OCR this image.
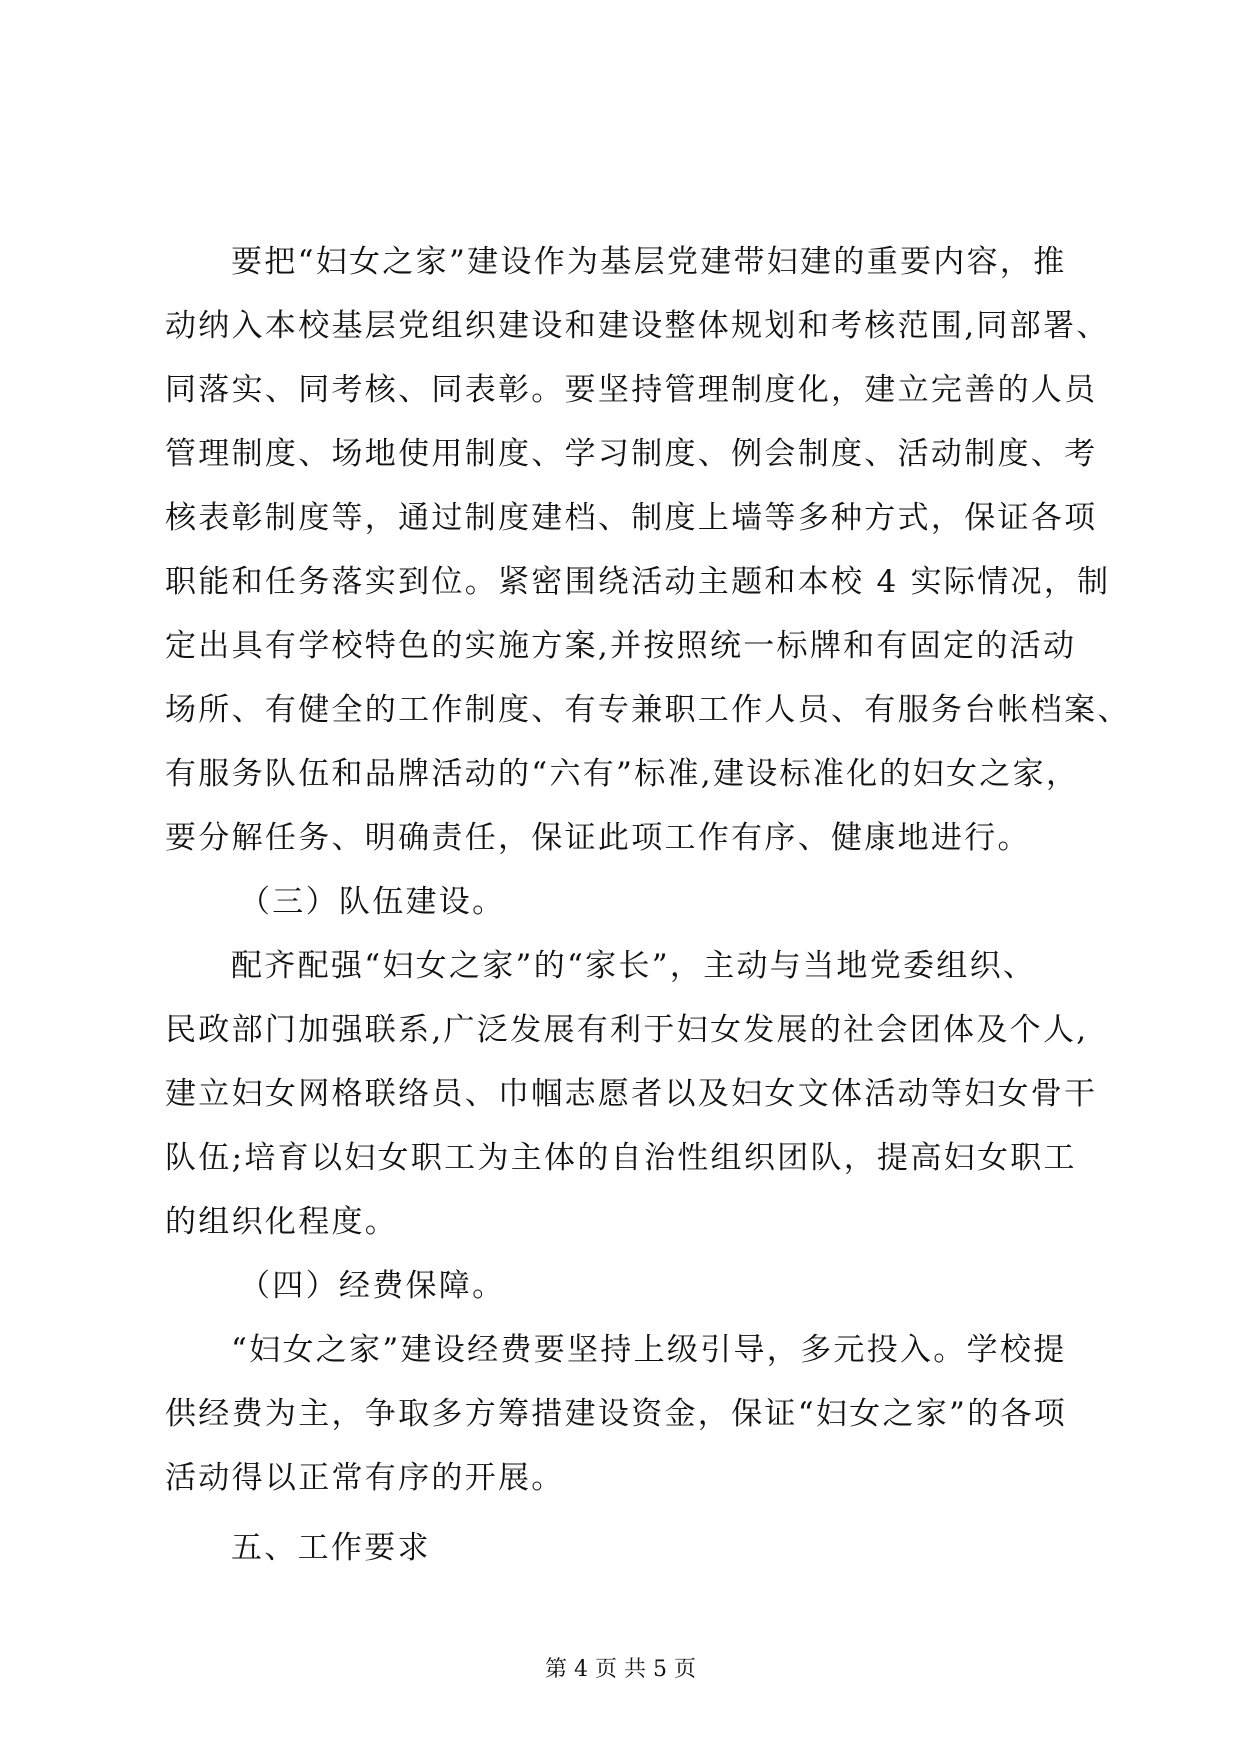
要把“妇女之家”建设作为基层党建带妇建的重要内容，推
动纳入本校基层党组织建设和建设整体规划和考核范围,同部署、
同落实、同考核、同表彰。要坚持管理制度化，建立完善的人员
管理制度、场地使用制度、学习制度、例会制度、活动制度、考
核表彰制度等，通过制度建档、制度上墙等多种方式，保证各项
职能和任务落实到位。紧密围绕活动主题和本校 4 实际情况，制
定出具有学校特色的实施方案,并按照统一标牌和有固定的活动
场所、有健全的工作制度、有专兼职工作人员、有服务台帐档案、
有服务队伍和品牌活动的“六有”标准,建设标准化的妇女之家，
要分解任务、明确责任，保证此项工作有序、健康地进行。
（三）队伍建设。
配齐配强“妇女之家”的“家长”，主动与当地党委组织、
民政部门加强联系,广泛发展有利于妇女发展的社会团体及个人,
建立妇女网格联络员、巾帼志愿者以及妇女文体活动等妇女骨干
队伍;培育以妇女职工为主体的自治性组织团队，提高妇女职工
的组织化程度。
（四）经费保障。
“妇女之家”建设经费要坚持上级引导，多元投入。学校提
供经费为主，争取多方筹措建设资金，保证“妇女之家”的各项
活动得以正常有序的开展。
五、工作要求
第 4 页 共 5 页
